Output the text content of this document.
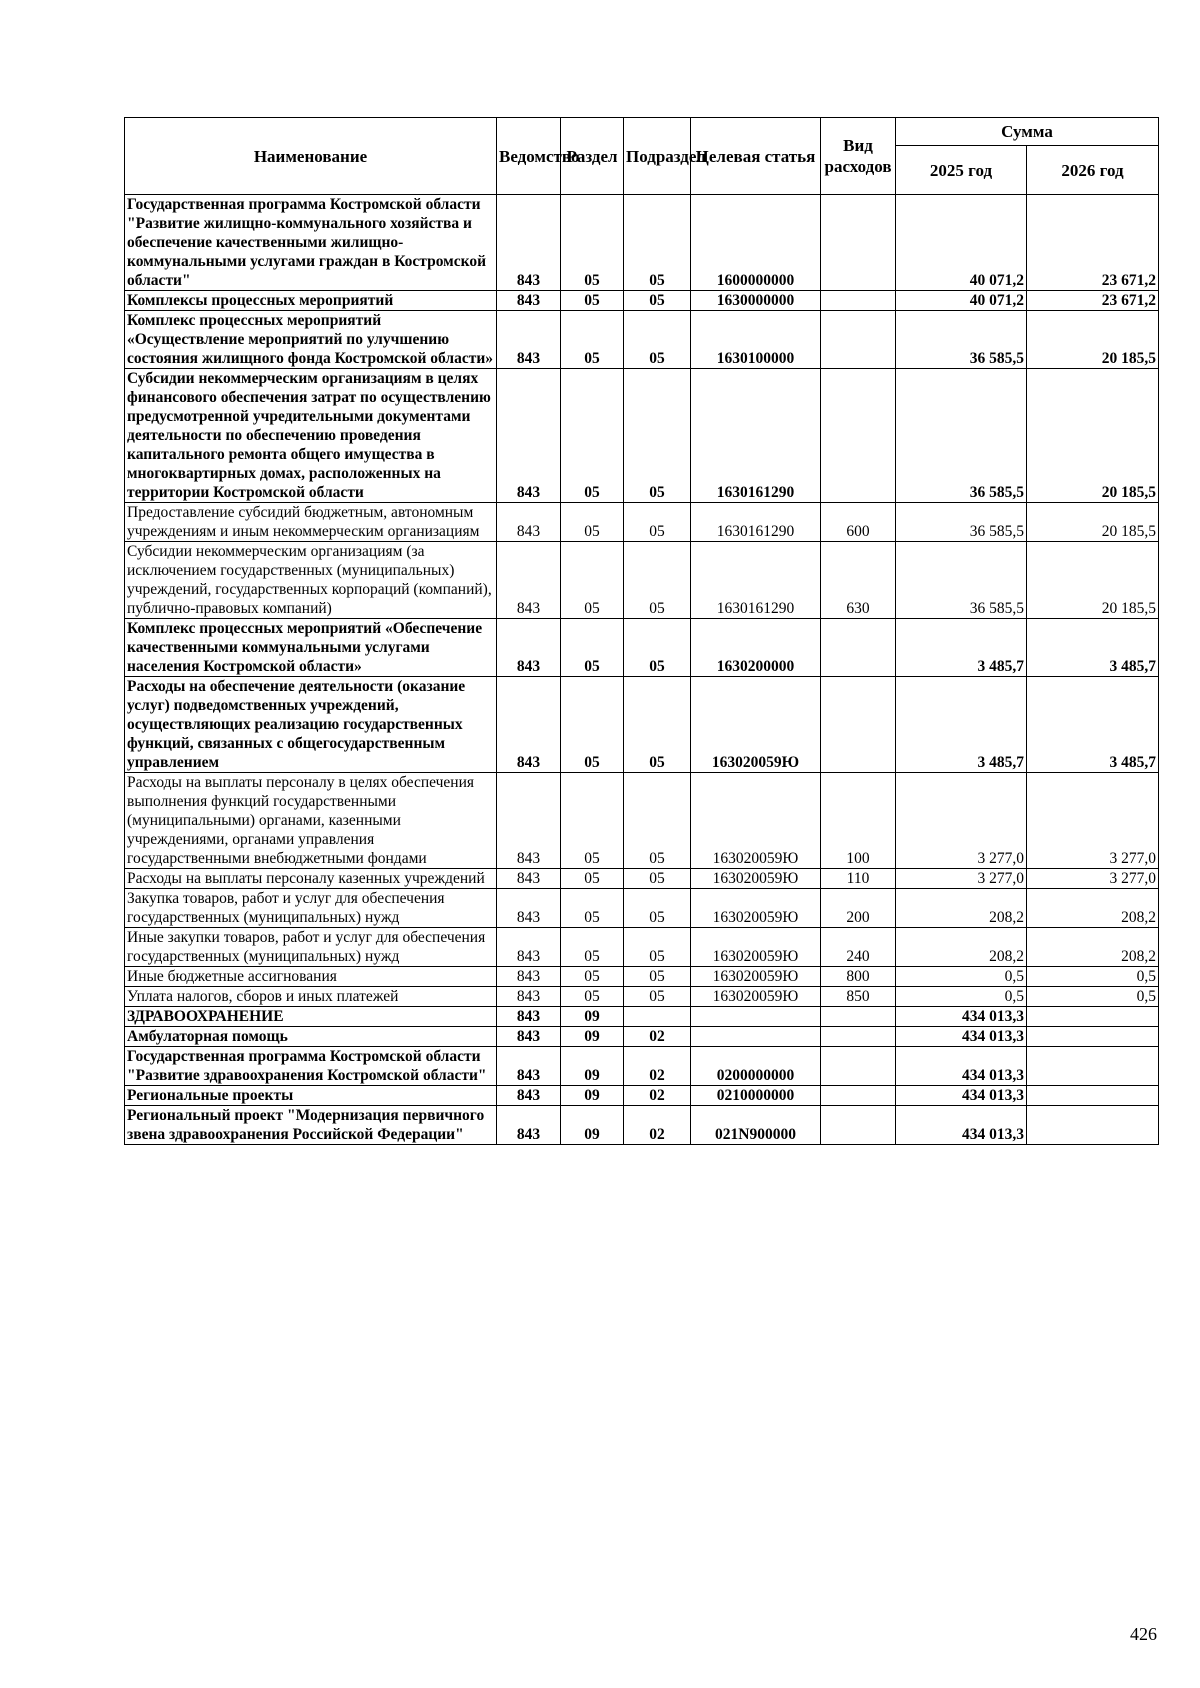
Наименование	Ведомство	Раздел	Подраздел	Целевая статья	Вид расходов	Сумма	
						2025 год	2026 год
Государственная программа Костромской области "Развитие жилищно-коммунального хозяйства и обеспечение качественными жилищно-коммунальными услугами граждан в Костромской области"	843	05	05	1600000000		40 071,2	23 671,2
Комплексы процессных мероприятий	843	05	05	1630000000		40 071,2	23 671,2
Комплекс процессных мероприятий «Осуществление мероприятий по улучшению состояния жилищного фонда Костромской области»	843	05	05	1630100000		36 585,5	20 185,5
Субсидии некоммерческим организациям в целях финансового обеспечения затрат по осуществлению предусмотренной учредительными документами деятельности по обеспечению проведения капитального ремонта общего имущества в многоквартирных домах, расположенных на территории Костромской области	843	05	05	1630161290		36 585,5	20 185,5
Предоставление субсидий бюджетным, автономным учреждениям и иным некоммерческим организациям	843	05	05	1630161290	600	36 585,5	20 185,5
Субсидии некоммерческим организациям (за исключением государственных (муниципальных) учреждений, государственных корпораций (компаний), публично-правовых компаний)	843	05	05	1630161290	630	36 585,5	20 185,5
Комплекс процессных мероприятий «Обеспечение качественными коммунальными услугами населения Костромской области»	843	05	05	1630200000		3 485,7	3 485,7
Расходы на обеспечение деятельности (оказание услуг) подведомственных учреждений, осуществляющих реализацию государственных функций, связанных с общегосударственным управлением	843	05	05	163020059Ю		3 485,7	3 485,7
Расходы на выплаты персоналу в целях обеспечения выполнения функций государственными (муниципальными) органами, казенными учреждениями, органами управления государственными внебюджетными фондами	843	05	05	163020059Ю	100	3 277,0	3 277,0
Расходы на выплаты персоналу казенных учреждений	843	05	05	163020059Ю	110	3 277,0	3 277,0
Закупка товаров, работ и услуг для обеспечения государственных (муниципальных) нужд	843	05	05	163020059Ю	200	208,2	208,2
Иные закупки товаров, работ и услуг для обеспечения государственных (муниципальных) нужд	843	05	05	163020059Ю	240	208,2	208,2
Иные бюджетные ассигнования	843	05	05	163020059Ю	800	0,5	0,5
Уплата налогов, сборов и иных платежей	843	05	05	163020059Ю	850	0,5	0,5
ЗДРАВООХРАНЕНИЕ	843	09				434 013,3	
Амбулаторная помощь	843	09	02			434 013,3	
Государственная программа Костромской области "Развитие здравоохранения Костромской области"	843	09	02	0200000000		434 013,3	
Региональные проекты	843	09	02	0210000000		434 013,3	
Региональный проект "Модернизация первичного звена здравоохранения Российской Федерации"	843	09	02	021N900000		434 013,3	
426
